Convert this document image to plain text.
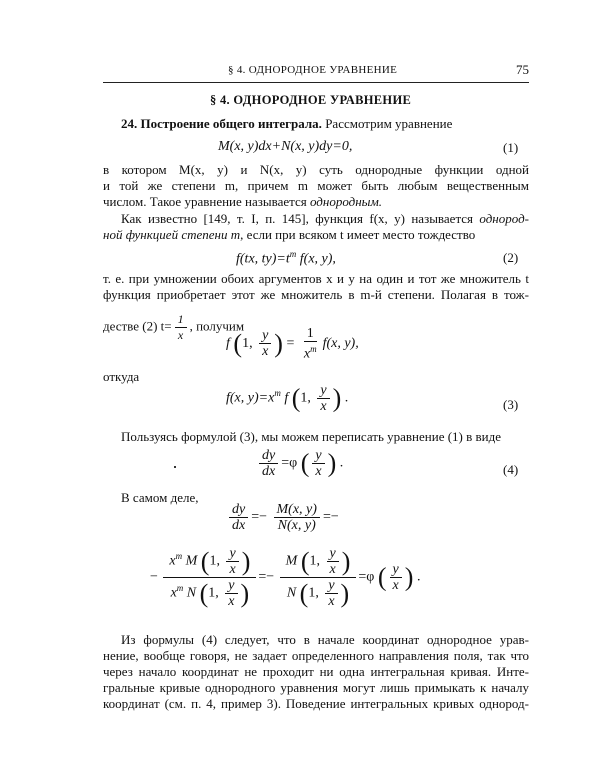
§ 4. ОДНОРОДНОЕ УРАВНЕНИЕ	75
§ 4. ОДНОРОДНОЕ УРАВНЕНИЕ
24. Построение общего интеграла. Рассмотрим уравнение
M(x, y)dx+N(x, y)dy=0,	(1)
в котором M(x, y) и N(x, y) суть однородные функции одной
и той же степени m, причем m может быть любым вещественным
числом. Такое уравнение называется однородным.
Как известно [149, т. I, п. 145], функция f(x, y) называется однород-
ной функцией степени m, если при всяком t имеет место тождество
f(tx, $ty)=t^m$ f(x, y),	(2)
т. е. при умножении обоих аргументов x и y на один и тот же множитель t
функция приобретает этот же множитель в m-й степени. Полагая в тож-
дестве (2) $t= \frac{1}{x}$ , получим
f (1, $\frac{y}{x}$ ) = $\frac{1}{x^m} f(x$, y),
откуда
f(x, $y)=x^m$ f (1, $\frac{y}{x}$ ) .	(3)
Пользуясь формулой (3), мы можем переписать уравнение (1) в виде
$\frac{dy}{dx} =\varphi$ ( $\frac{y}{x}$ ) .	(4)
В самом деле,
$\frac{dy}{dx} =- \frac{M(x, y)}{N(x, y)}$ =−
− $\frac{x^m M (1, \frac{y}{x} )}{x^m N (1, \frac{y}{x} )} =- \frac{M (1, \frac{y}{x} )}{N (1, \frac{y}{x} )} =\varphi$ ( $\frac{y}{x}$ ) .
Из формулы (4) следует, что в начале координат однородное урав-
нение, вообще говоря, не задает определенного направления поля, так что
через начало координат не проходит ни одна интегральная кривая. Инте-
гральные кривые однородного уравнения могут лишь примыкать к началу
координат (см. п. 4, пример 3). Поведение интегральных кривых однород-
